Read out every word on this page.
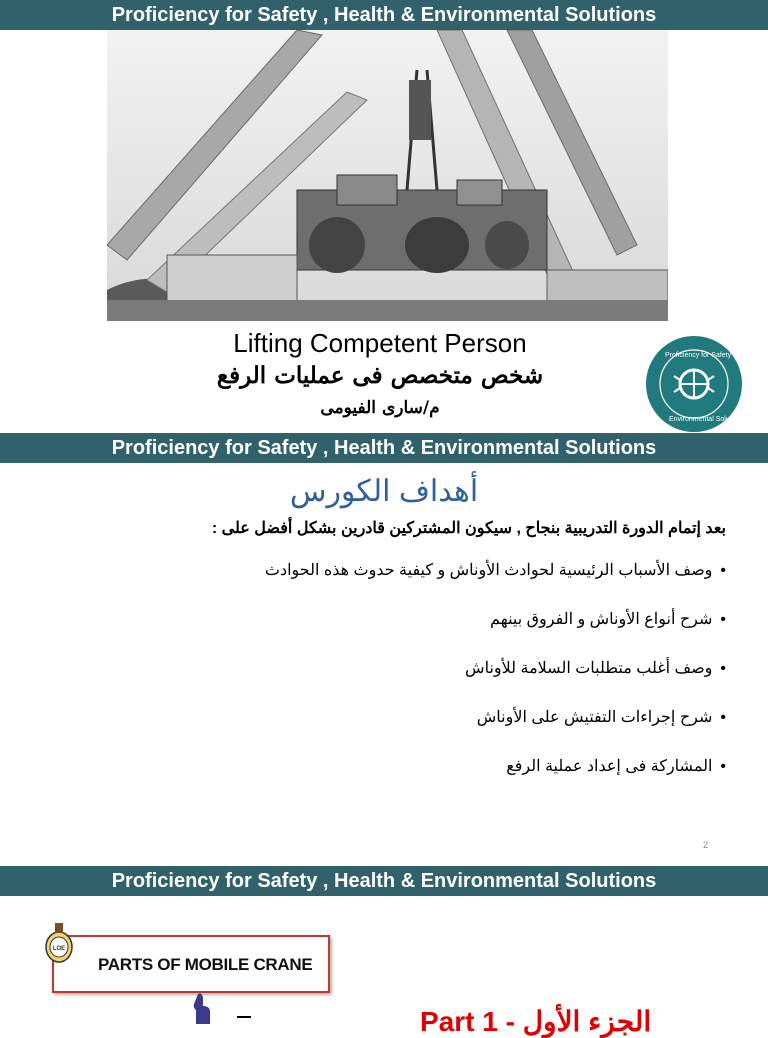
Proficiency for Safety , Health & Environmental Solutions
Lifting Competent Person
شخص متخصص فى عمليات الرفع
م/سارى الفيومى
Proficiency for Safety
Environmental Solutions
Proficiency for Safety , Health & Environmental Solutions
أهداف الكورس
بعد إتمام الدورة التدريبية بنجاح , سيكون المشتركين قادرين بشكل أفضل على :
• وصف الأسباب الرئيسية لحوادث الأوناش و كيفية حدوث هذه الحوادث
• شرح أنواع الأوناش و الفروق بينهم
• وصف أغلب متطلبات السلامة للأوناش
• شرح إجراءات التفتيش على الأوناش
• المشاركة فى إعداد عملية الرفع
2
Proficiency for Safety , Health & Environmental Solutions
PARTS OF MOBILE CRANE
LOE
Part 1 - الجزء الأول
